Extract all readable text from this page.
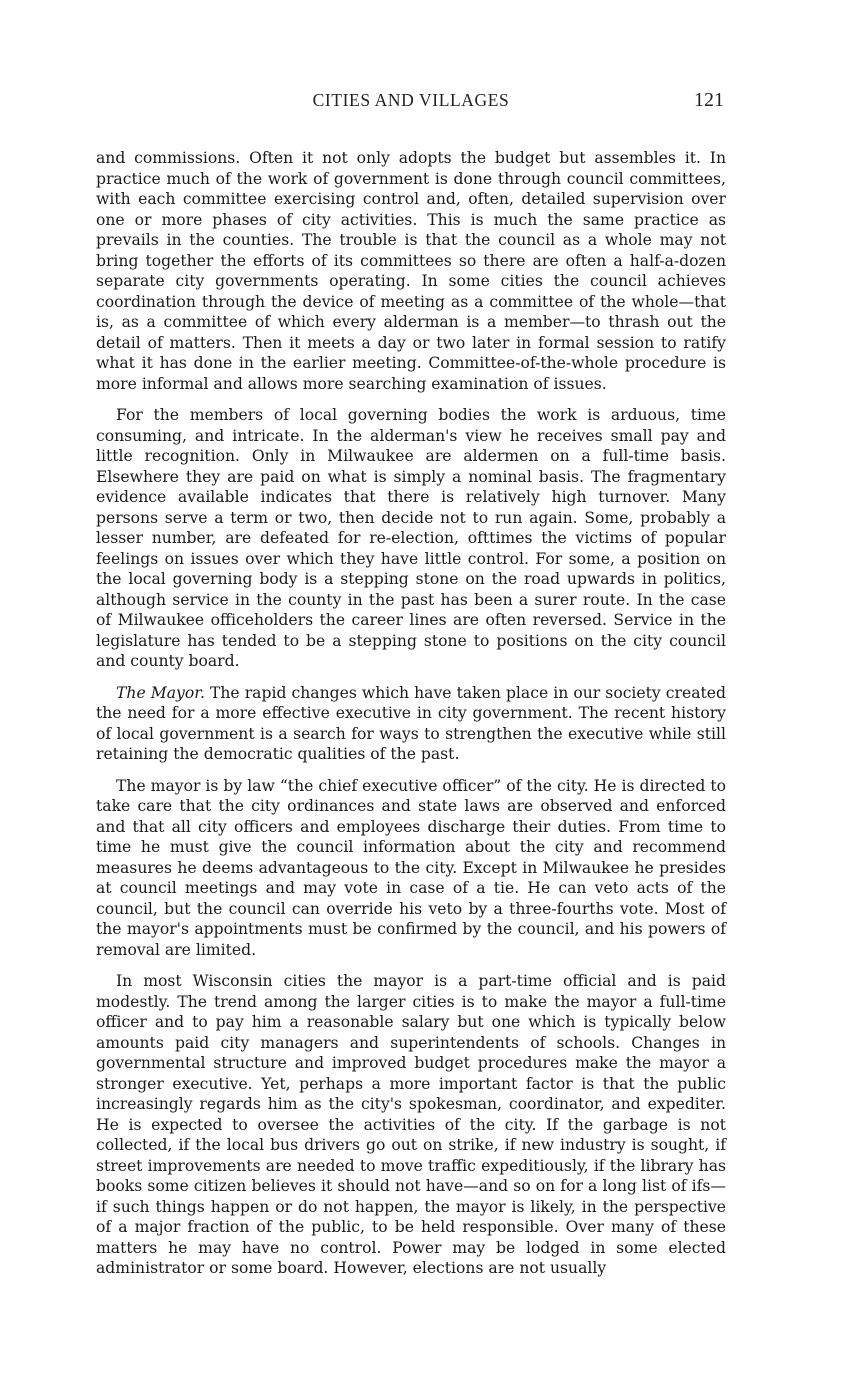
CITIES AND VILLAGES	121

and commissions. Often it not only adopts the budget but assembles it. In practice much of the work of government is done through council committees, with each committee exercising control and, often, detailed supervision over one or more phases of city activities. This is much the same practice as prevails in the counties. The trouble is that the council as a whole may not bring together the efforts of its committees so there are often a half-a-dozen separate city governments operating. In some cities the council achieves coordination through the device of meeting as a committee of the whole—that is, as a committee of which every alderman is a member—to thrash out the detail of matters. Then it meets a day or two later in formal session to ratify what it has done in the earlier meeting. Committee-of-the-whole procedure is more informal and allows more searching examination of issues.

For the members of local governing bodies the work is arduous, time consuming, and intricate. In the alderman's view he receives small pay and little recognition. Only in Milwaukee are aldermen on a full-time basis. Elsewhere they are paid on what is simply a nominal basis. The fragmentary evidence available indicates that there is relatively high turnover. Many persons serve a term or two, then decide not to run again. Some, probably a lesser number, are defeated for re-election, ofttimes the victims of popular feelings on issues over which they have little control. For some, a position on the local governing body is a stepping stone on the road upwards in politics, although service in the county in the past has been a surer route. In the case of Milwaukee officeholders the career lines are often reversed. Service in the legislature has tended to be a stepping stone to positions on the city council and county board.

The Mayor. The rapid changes which have taken place in our society created the need for a more effective executive in city government. The recent history of local government is a search for ways to strengthen the executive while still retaining the democratic qualities of the past.

The mayor is by law “the chief executive officer” of the city. He is directed to take care that the city ordinances and state laws are observed and enforced and that all city officers and employees discharge their duties. From time to time he must give the council information about the city and recommend measures he deems advantageous to the city. Except in Milwaukee he presides at council meetings and may vote in case of a tie. He can veto acts of the council, but the council can override his veto by a three-fourths vote. Most of the mayor's appointments must be confirmed by the council, and his powers of removal are limited.

In most Wisconsin cities the mayor is a part-time official and is paid modestly. The trend among the larger cities is to make the mayor a full-time officer and to pay him a reasonable salary but one which is typically below amounts paid city managers and superintendents of schools. Changes in governmental structure and improved budget procedures make the mayor a stronger executive. Yet, perhaps a more important factor is that the public increasingly regards him as the city's spokesman, coordinator, and expediter. He is expected to oversee the activities of the city. If the garbage is not collected, if the local bus drivers go out on strike, if new industry is sought, if street improvements are needed to move traffic expeditiously, if the library has books some citizen believes it should not have—and so on for a long list of ifs—if such things happen or do not happen, the mayor is likely, in the perspective of a major fraction of the public, to be held responsible. Over many of these matters he may have no control. Power may be lodged in some elected administrator or some board. However, elections are not usually
